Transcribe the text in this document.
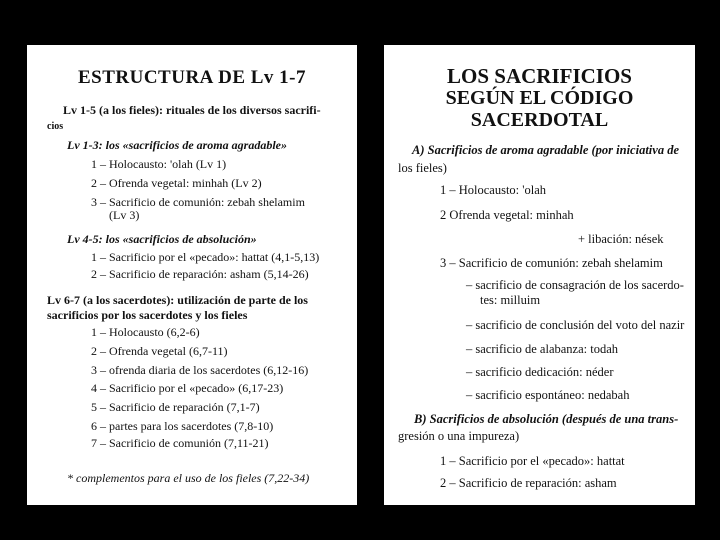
ESTRUCTURA DE Lv 1-7
Lv 1-5 (a los fieles): rituales de los diversos sacrifi-
cios
Lv 1-3: los «sacrificios de aroma agradable»
1 – Holocausto: 'olah (Lv 1)
2 – Ofrenda vegetal: minhah (Lv 2)
3 – Sacrificio de comunión: zebah shelamim
(Lv 3)
Lv 4-5: los «sacrificios de absolución»
1 – Sacrificio por el «pecado»: hattat (4,1-5,13)
2 – Sacrificio de reparación: asham (5,14-26)
Lv 6-7 (a los sacerdotes): utilización de parte de los
sacrificios por los sacerdotes y los fieles
1 – Holocausto (6,2-6)
2 – Ofrenda vegetal (6,7-11)
3 – ofrenda diaria de los sacerdotes (6,12-16)
4 – Sacrificio por el «pecado» (6,17-23)
5 – Sacrificio de reparación (7,1-7)
6 – partes para los sacerdotes (7,8-10)
7 – Sacrificio de comunión (7,11-21)
* complementos para el uso de los fieles (7,22-34)
LOS SACRIFICIOS
SEGÚN EL CÓDIGO SACERDOTAL
A) Sacrificios de aroma agradable (por iniciativa de
los fieles)
1 – Holocausto: 'olah
2 Ofrenda vegetal: minhah
+ libación: nések
3 – Sacrificio de comunión: zebah shelamim
– sacrificio de consagración de los sacerdo-
tes: milluim
– sacrificio de conclusión del voto del nazir
– sacrificio de alabanza: todah
– sacrificio dedicación: néder
– sacrificio espontáneo: nedabah
B) Sacrificios de absolución (después de una trans-
gresión o una impureza)
1 – Sacrificio por el «pecado»: hattat
2 – Sacrificio de reparación: asham
